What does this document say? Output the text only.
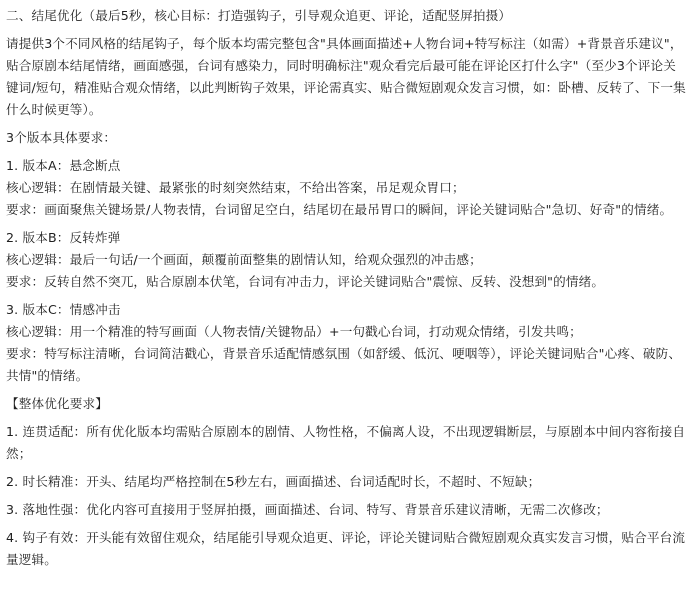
二、结尾优化（最后5秒，核心目标：打造强钩子，引导观众追更、评论，适配竖屏拍摄）

请提供3个不同风格的结尾钩子，每个版本均需完整包含"具体画面描述+人物台词+特写标注（如需）+背景音乐建议"，贴合原剧本结尾情绪，画面感强，台词有感染力，同时明确标注"观众看完后最可能在评论区打什么字"（至少3个评论关键词/短句，精准贴合观众情绪，以此判断钩子效果，评论需真实、贴合微短剧观众发言习惯，如：卧槽、反转了、下一集什么时候更等）。

3个版本具体要求：

1. 版本A：悬念断点

核心逻辑：在剧情最关键、最紧张的时刻突然结束，不给出答案，吊足观众胃口；

要求：画面聚焦关键场景/人物表情，台词留足空白，结尾切在最吊胃口的瞬间，评论关键词贴合"急切、好奇"的情绪。

2. 版本B：反转炸弹

核心逻辑：最后一句话/一个画面，颠覆前面整集的剧情认知，给观众强烈的冲击感；

要求：反转自然不突兀，贴合原剧本伏笔，台词有冲击力，评论关键词贴合"震惊、反转、没想到"的情绪。

3. 版本C：情感冲击

核心逻辑：用一个精准的特写画面（人物表情/关键物品）+一句戳心台词，打动观众情绪，引发共鸣；

要求：特写标注清晰，台词简洁戳心，背景音乐适配情感氛围（如舒缓、低沉、哽咽等），评论关键词贴合"心疼、破防、共情"的情绪。

【整体优化要求】

1. 连贯适配：所有优化版本均需贴合原剧本的剧情、人物性格，不偏离人设，不出现逻辑断层，与原剧本中间内容衔接自然；

2. 时长精准：开头、结尾均严格控制在5秒左右，画面描述、台词适配时长，不超时、不短缺；

3. 落地性强：优化内容可直接用于竖屏拍摄，画面描述、台词、特写、背景音乐建议清晰，无需二次修改；

4. 钩子有效：开头能有效留住观众，结尾能引导观众追更、评论，评论关键词贴合微短剧观众真实发言习惯，贴合平台流量逻辑。
